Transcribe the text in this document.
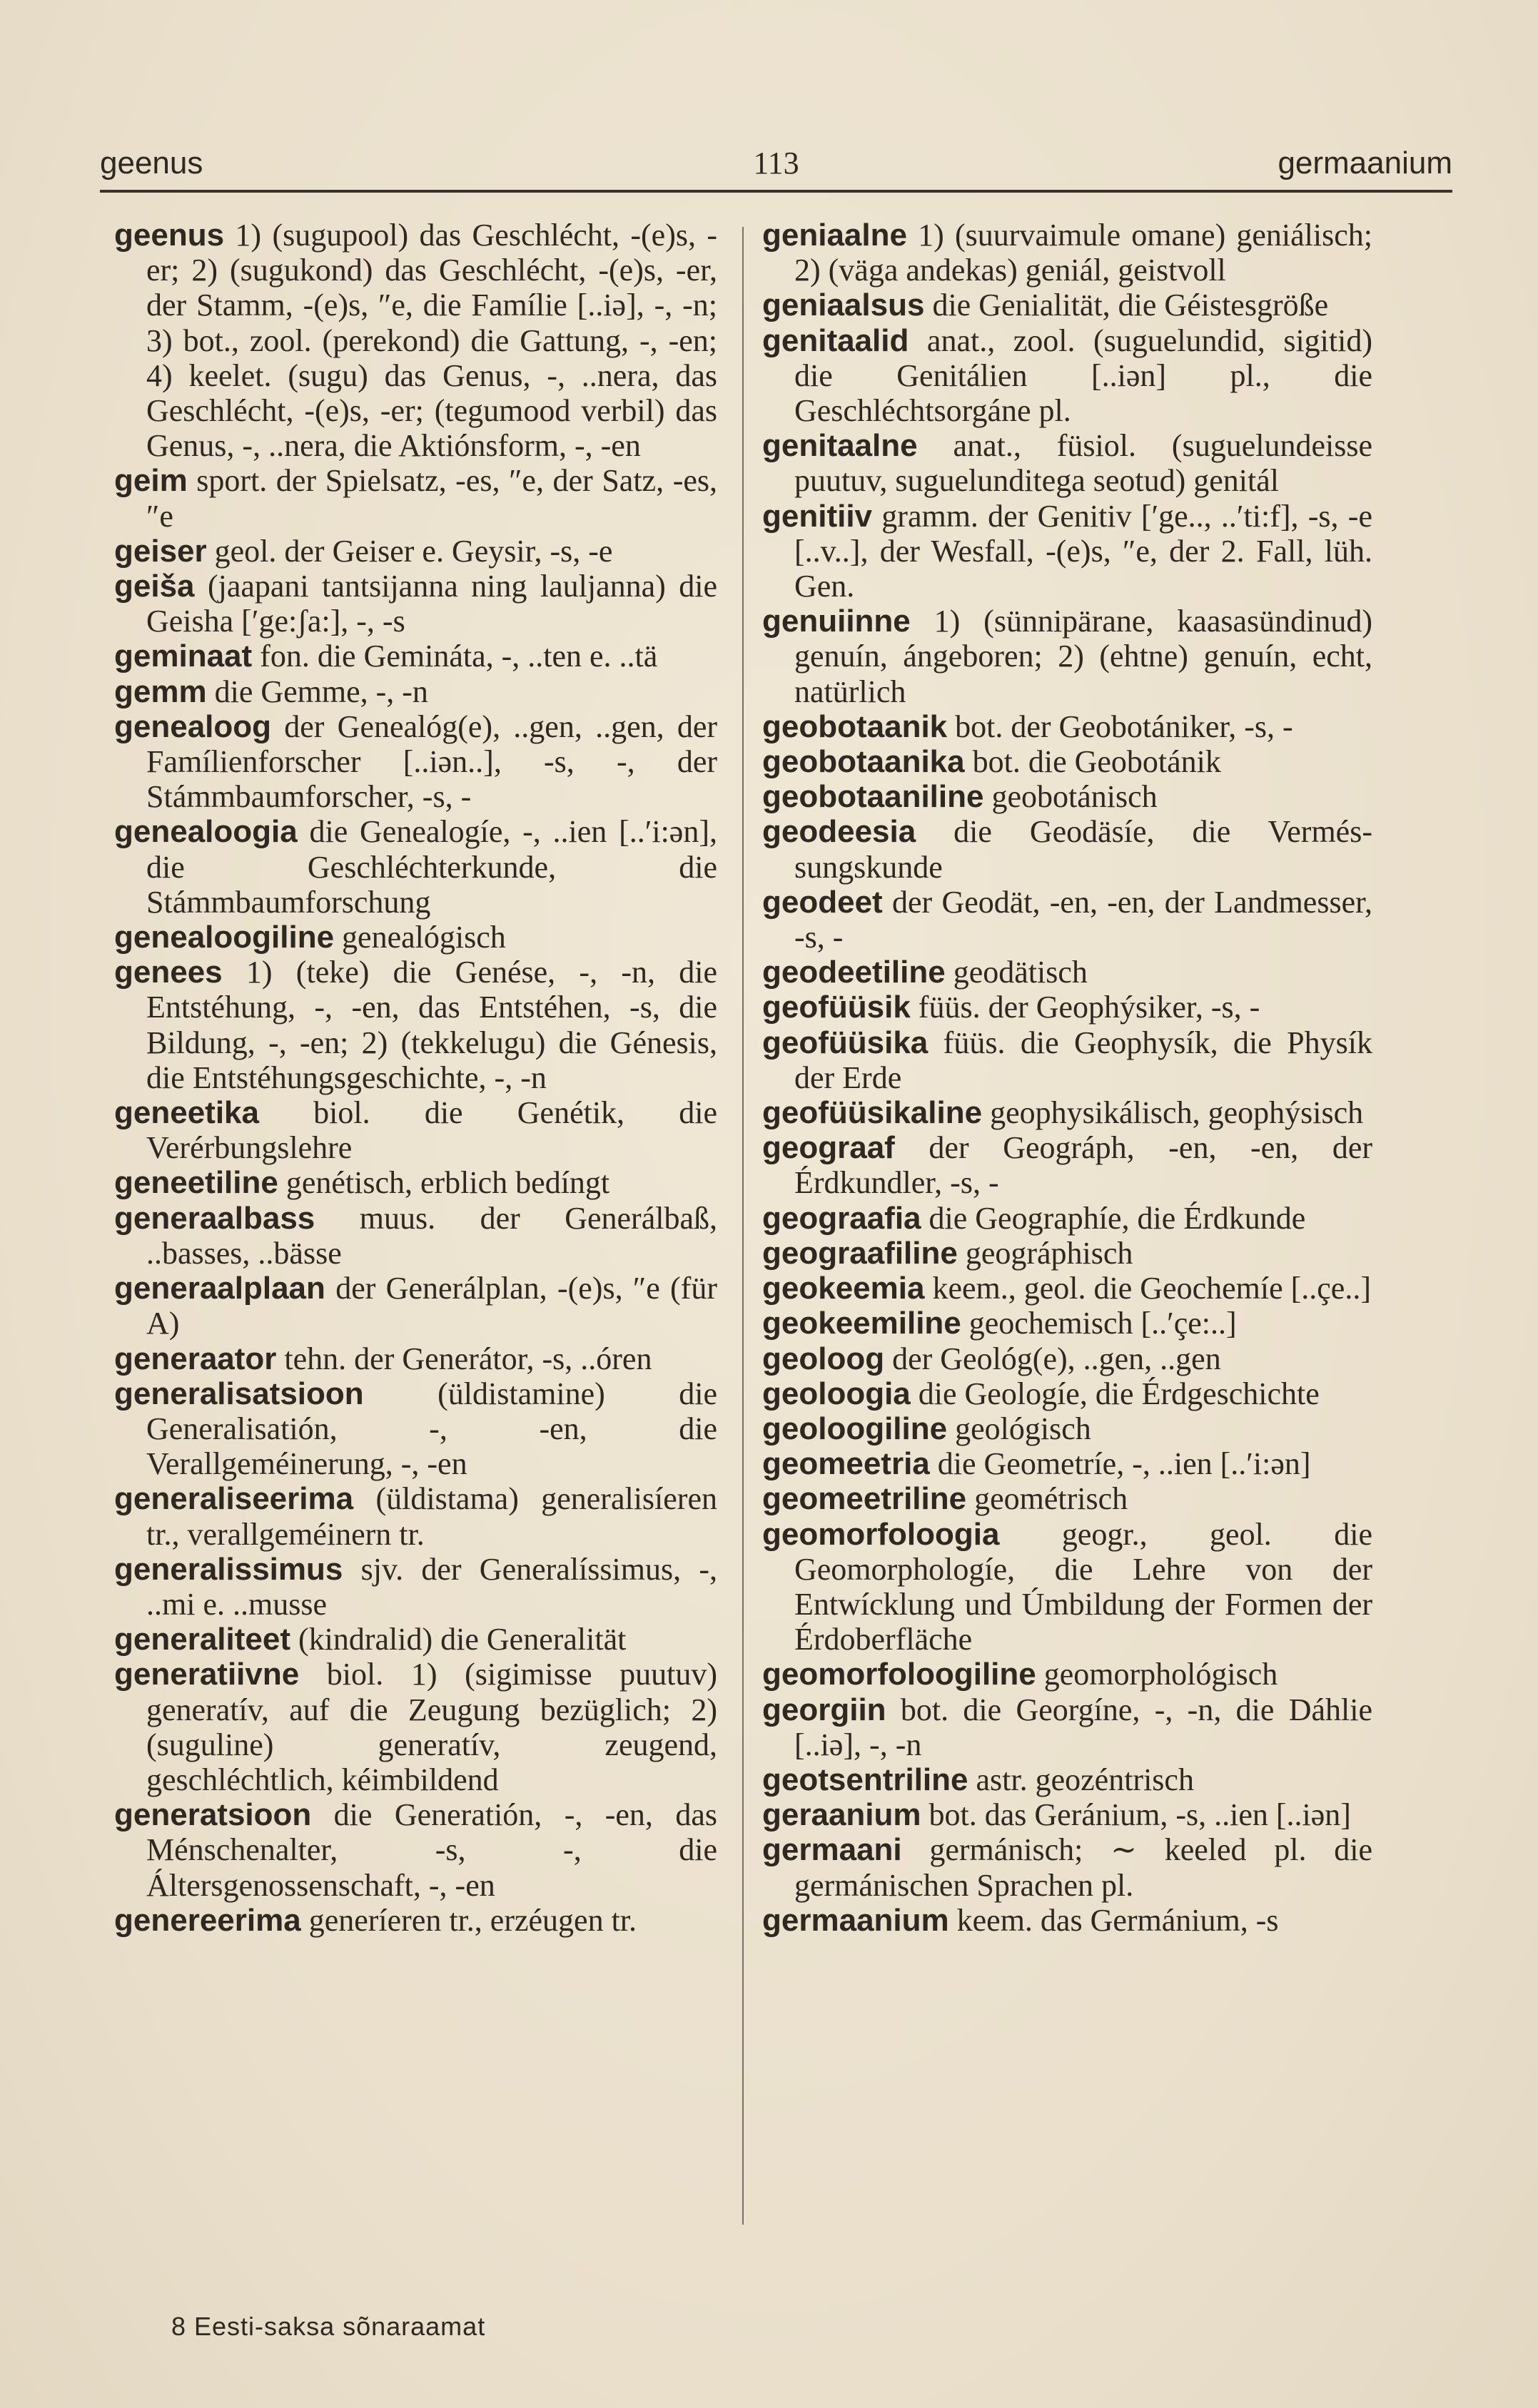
geenus	113	germaanium

geenus 1) (sugupool) das Geschlécht, -(e)s, -er; 2) (sugukond) das Geschlécht, -(e)s, -er, der Stamm, -(e)s, ″e, die Famílie [..iə], -, -n; 3) bot., zool. (perekond) die Gattung, -, -en; 4) keelet. (sugu) das Genus, -, ..nera, das Geschlécht, -(e)s, -er; (tegumood verbil) das Genus, -, ..nera, die Aktiónsform, -, -en

geim sport. der Spielsatz, -es, ″e, der Satz, -es, ″e

geiser geol. der Geiser e. Geysir, -s, -e

geiša (jaapani tantsijanna ning lauljanna) die Geisha [′ge:ʃa:], -, -s

geminaat fon. die Gemináta, -, ..ten e. ..tä

gemm die Gemme, -, -n

genealoog der Genealóg(e), ..gen, ..gen, der Famílienforscher [..iən..], -s, -, der Stámmbaumforscher, -s, -

genealoogia die Genealogíe, -, ..ien [..′i:ən], die Geschléchterkunde, die Stámmbaumforschung

genealoogiline genealógisch

genees 1) (teke) die Genése, -, -n, die Entstéhung, -, -en, das Entstéhen, -s, die Bildung, -, -en; 2) (tekkelugu) die Génesis, die Entstéhungsgeschichte, -, -n

geneetika biol. die Genétik, die Verérbungslehre

geneetiline genétisch, erblich bedíngt

generaalbass muus. der Generálbaß, ..basses, ..bässe

generaalplaan der Generálplan, -(e)s, ″e (für A)

generaator tehn. der Generátor, -s, ..óren

generalisatsioon (üldistamine) die Generalisatión, -, -en, die Verallgeméinerung, -, -en

generaliseerima (üldistama) generalisíeren tr., verallgeméinern tr.

generalissimus sjv. der Generalíssimus, -, ..mi e. ..musse

generaliteet (kindralid) die Generalität

generatiivne biol. 1) (sigimisse puutuv) generatív, auf die Zeugung bezüglich; 2) (suguline) generatív, zeugend, geschléchtlich, kéimbildend

generatsioon die Generatión, -, -en, das Ménschenalter, -s, -, die Áltersgenossenschaft, -, -en

genereerima generíeren tr., erzéugen tr.

geniaalne 1) (suurvaimule omane) geniálisch; 2) (väga andekas) geniál, geistvoll

geniaalsus die Genialität, die Géistesgröße

genitaalid anat., zool. (suguelundid, sigitid) die Genitálien [..iən] pl., die Geschléchtsorgáne pl.

genitaalne anat., füsiol. (suguelundeisse puutuv, suguelunditega seotud) genitál

genitiiv gramm. der Genitiv [′ge.., ..′ti:f], -s, -e [..v..], der Wesfall, -(e)s, ″e, der 2. Fall, lüh. Gen.

genuiinne 1) (sünnipärane, kaasasündinud) genuín, ángeboren; 2) (ehtne) genuín, echt, natürlich

geobotaanik bot. der Geobotániker, -s, -

geobotaanika bot. die Geobotánik

geobotaaniline geobotánisch

geodeesia die Geodäsíe, die Vermés-sungskunde

geodeet der Geodät, -en, -en, der Landmesser, -s, -

geodeetiline geodätisch

geofüüsik füüs. der Geophýsiker, -s, -

geofüüsika füüs. die Geophysík, die Physík der Erde

geofüüsikaline geophysikálisch, geophýsisch

geograaf der Geográph, -en, -en, der Érdkundler, -s, -

geograafia die Geographíe, die Érdkunde

geograafiline geográphisch

geokeemia keem., geol. die Geochemíe [..çe..]

geokeemiline geochemisch [..′çe:..]

geoloog der Geológ(e), ..gen, ..gen

geoloogia die Geologíe, die Érdgeschichte

geoloogiline geológisch

geomeetria die Geometríe, -, ..ien [..′i:ən]

geomeetriline geométrisch

geomorfoloogia geogr., geol. die Geomorphologíe, die Lehre von der Entwícklung und Úmbildung der Formen der Érdoberfläche

geomorfoloogiline geomorphológisch

georgiin bot. die Georgíne, -, -n, die Dáhlie [..iə], -, -n

geotsentriline astr. geozéntrisch

geraanium bot. das Geránium, -s, ..ien [..iən]

germaani germánisch; ∼ keeled pl. die germánischen Sprachen pl.

germaanium keem. das Germánium, -s

8 Eesti-saksa sõnaraamat
